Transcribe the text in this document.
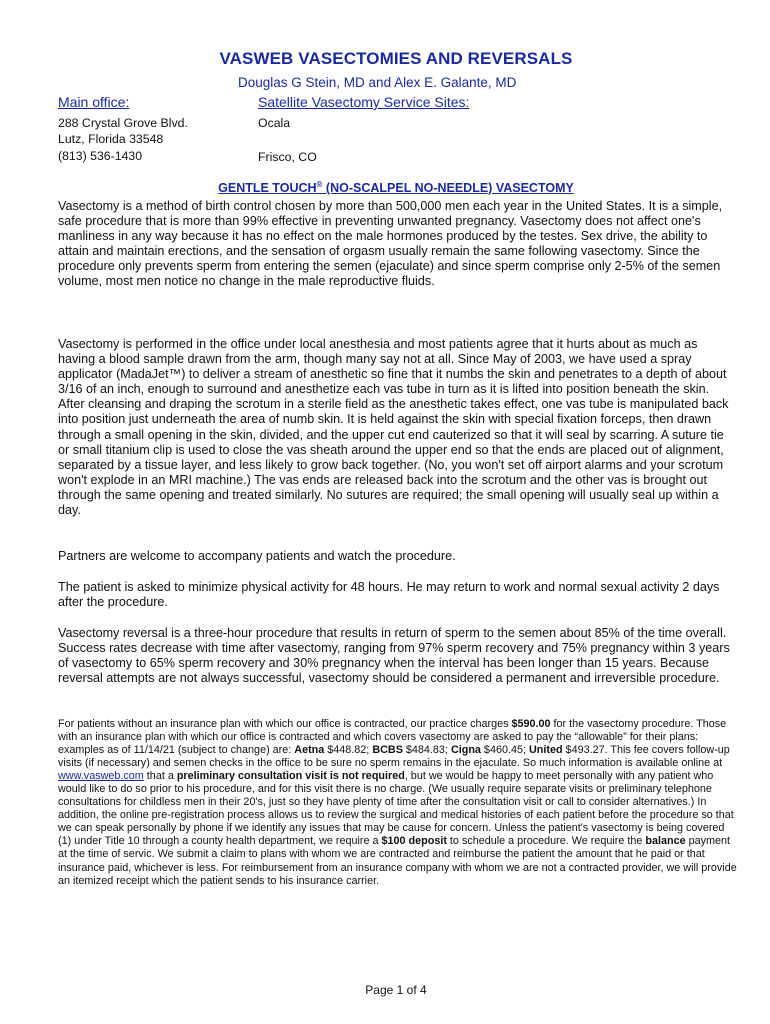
VASWEB VASECTOMIES AND REVERSALS
Douglas G Stein, MD and Alex E. Galante, MD
Main office:	Satellite Vasectomy Service Sites:
288 Crystal Grove Blvd.
Lutz, Florida 33548
(813) 536-1430
Ocala
Frisco, CO
GENTLE TOUCH® (NO-SCALPEL NO-NEEDLE) VASECTOMY

Vasectomy is a method of birth control chosen by more than 500,000 men each year in the United States. It is a simple, safe procedure that is more than 99% effective in preventing unwanted pregnancy. Vasectomy does not affect one's manliness in any way because it has no effect on the male hormones produced by the testes. Sex drive, the ability to attain and maintain erections, and the sensation of orgasm usually remain the same following vasectomy. Since the procedure only prevents sperm from entering the semen (ejaculate) and since sperm comprise only 2-5% of the semen volume, most men notice no change in the male reproductive fluids.

Vasectomy is performed in the office under local anesthesia and most patients agree that it hurts about as much as having a blood sample drawn from the arm, though many say not at all. Since May of 2003, we have used a spray applicator (MadaJet™) to deliver a stream of anesthetic so fine that it numbs the skin and penetrates to a depth of about 3/16 of an inch, enough to surround and anesthetize each vas tube in turn as it is lifted into position beneath the skin. After cleansing and draping the scrotum in a sterile field as the anesthetic takes effect, one vas tube is manipulated back into position just underneath the area of numb skin. It is held against the skin with special fixation forceps, then drawn through a small opening in the skin, divided, and the upper cut end cauterized so that it will seal by scarring. A suture tie or small titanium clip is used to close the vas sheath around the upper end so that the ends are placed out of alignment, separated by a tissue layer, and less likely to grow back together. (No, you won't set off airport alarms and your scrotum won't explode in an MRI machine.) The vas ends are released back into the scrotum and the other vas is brought out through the same opening and treated similarly. No sutures are required; the small opening will usually seal up within a day.

Partners are welcome to accompany patients and watch the procedure.

The patient is asked to minimize physical activity for 48 hours. He may return to work and normal sexual activity 2 days after the procedure.

Vasectomy reversal is a three-hour procedure that results in return of sperm to the semen about 85% of the time overall. Success rates decrease with time after vasectomy, ranging from 97% sperm recovery and 75% pregnancy within 3 years of vasectomy to 65% sperm recovery and 30% pregnancy when the interval has been longer than 15 years. Because reversal attempts are not always successful, vasectomy should be considered a permanent and irreversible procedure.

For patients without an insurance plan with which our office is contracted, our practice charges $590.00 for the vasectomy procedure. Those with an insurance plan with which our office is contracted and which covers vasectomy are asked to pay the “allowable” for their plans: examples as of 11/14/21 (subject to change) are: Aetna $448.82; BCBS $484.83; Cigna $460.45; United $493.27. This fee covers follow-up visits (if necessary) and semen checks in the office to be sure no sperm remains in the ejaculate. So much information is available online at www.vasweb.com that a preliminary consultation visit is not required, but we would be happy to meet personally with any patient who would like to do so prior to his procedure, and for this visit there is no charge. (We usually require separate visits or preliminary telephone consultations for childless men in their 20's, just so they have plenty of time after the consultation visit or call to consider alternatives.) In addition, the online pre-registration process allows us to review the surgical and medical histories of each patient before the procedure so that we can speak personally by phone if we identify any issues that may be cause for concern. Unless the patient's vasectomy is being covered (1) under Title 10 through a county health department, we require a $100 deposit to schedule a procedure. We require the balance payment at the time of servic. We submit a claim to plans with whom we are contracted and reimburse the patient the amount that he paid or that insurance paid, whichever is less. For reimbursement from an insurance company with whom we are not a contracted provider, we will provide an itemized receipt which the patient sends to his insurance carrier.

Page 1 of 4
